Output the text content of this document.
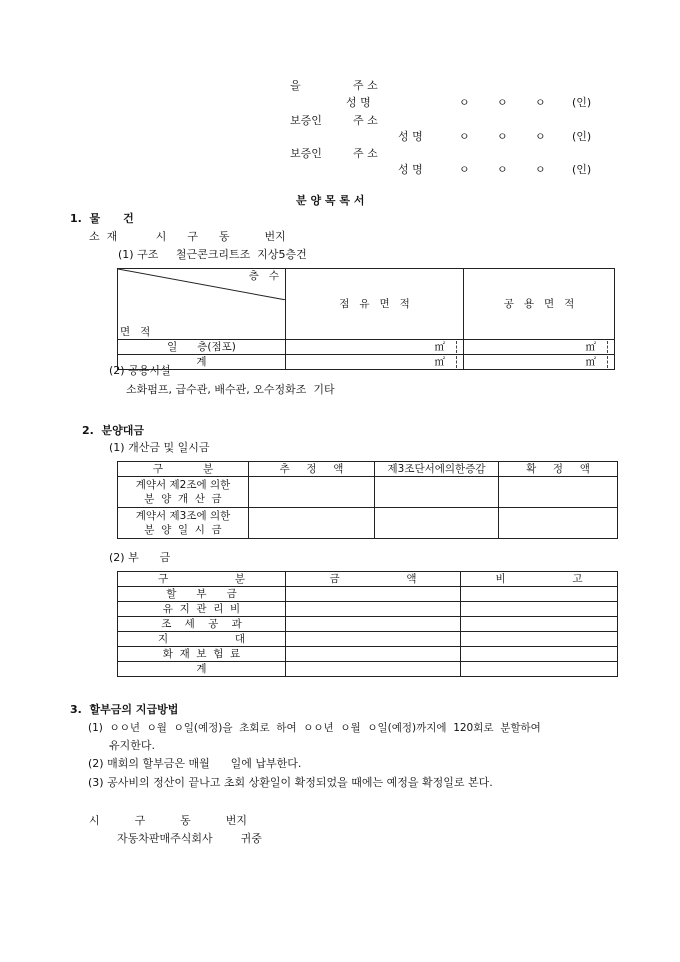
을	주 소
성 명	ㅇ ㅇ ㅇ (인)
보증인	주 소
성 명	ㅇ ㅇ ㅇ (인)
보증인	주 소
성 명	ㅇ ㅇ ㅇ (인)
분 양 목 록 서
1.  물      건
소  재           시      구      동          번지
(1) 구조     철근콘크리트조  지상5층건

층   수

면   적	점   유   면   적	공   용   면   적
일      층(점포)	㎡	㎡
계	㎡	㎡
(2) 공용시설
소화펌프, 급수관, 배수관, 오수정화조  기타
2.  분양대금
(1) 개산금 및 일시금
구            분	추     정     액	제3조단서에의한증감	확     정     액

계약서 제2조에 의한
분  양  개  산  금			

계약서 제3조에 의한
분  양  일  시  금			

(2) 부      금
구                    분	금                    액	비                    고
할      부      금		
유  지  관  리  비		
조    세    공    과		
지                    대		
화  재  보  험  료		
계		
3.  할부금의 지급방법
(1)  ㅇㅇ년  ㅇ월  ㅇ일(예정)을  초회로  하여  ㅇㅇ년  ㅇ월  ㅇ일(예정)까지에  120회로  분할하여
유지한다.
(2) 매회의 할부금은 매월      일에 납부한다.
(3) 공사비의 정산이 끝나고 초회 상환일이 확정되었을 때에는 예정을 확정일로 본다.
시          구          동          번지
자동차판매주식회사        귀중
